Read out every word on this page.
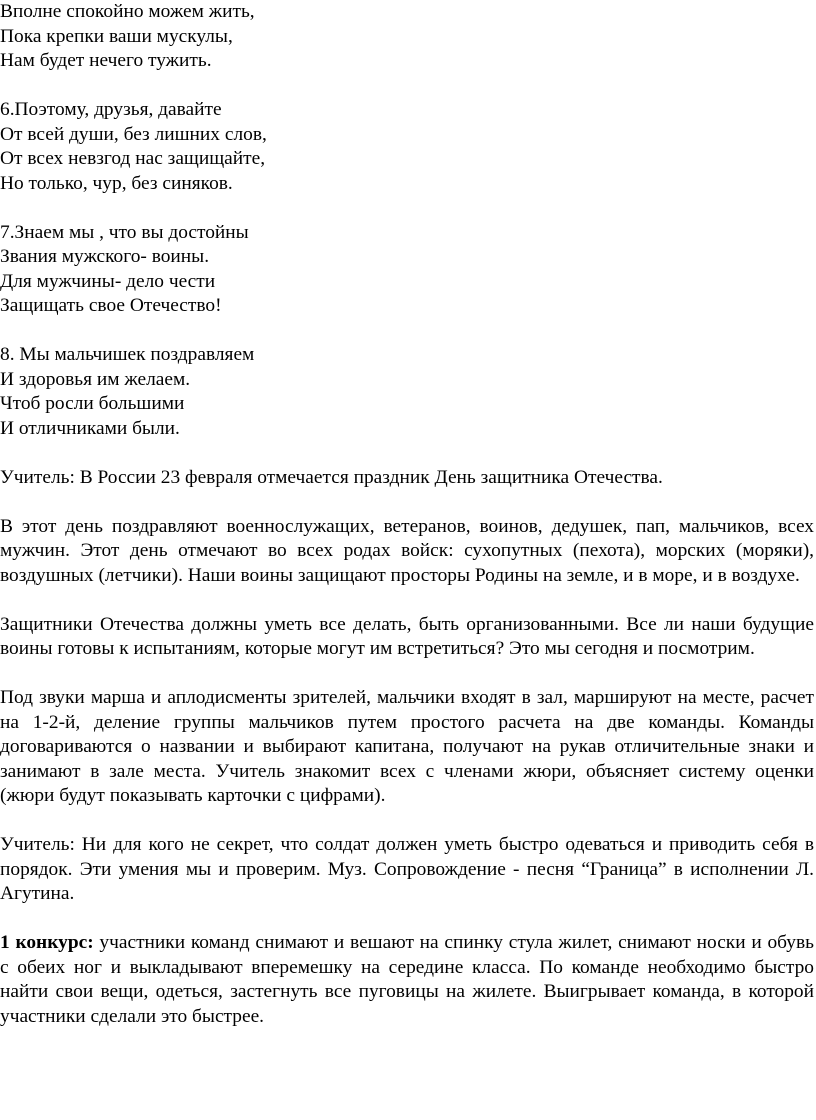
Вполне спокойно можем жить,
Пока крепки ваши мускулы,
Нам будет нечего тужить.
6.Поэтому, друзья, давайте
От всей души, без лишних слов,
От всех невзгод нас защищайте,
Но только, чур, без синяков.
7.Знаем мы , что вы достойны
Звания мужского- воины.
Для мужчины- дело чести
Защищать свое Отечество!
8. Мы мальчишек поздравляем
И здоровья им желаем.
Чтоб росли большими
И отличниками были.

Учитель: В России 23 февраля отмечается праздник День защитника Отечества.

В этот день поздравляют военнослужащих, ветеранов, воинов, дедушек, пап, мальчиков, всех мужчин. Этот день отмечают во всех родах войск: сухопутных (пехота), морских (моряки), воздушных (летчики). Наши воины защищают просторы Родины на земле, и в море, и в воздухе.

Защитники Отечества должны уметь все делать, быть организованными. Все ли наши будущие воины готовы к испытаниям, которые могут им встретиться? Это мы сегодня и посмотрим.

Под звуки марша и аплодисменты зрителей, мальчики входят в зал, маршируют на месте, расчет на 1-2-й, деление группы мальчиков путем простого расчета на две команды. Команды договариваются о названии и выбирают капитана, получают на рукав отличительные знаки и занимают в зале места. Учитель знакомит всех с членами жюри, объясняет систему оценки (жюри будут показывать карточки с цифрами).

Учитель: Ни для кого не секрет, что солдат должен уметь быстро одеваться и приводить себя в порядок. Эти умения мы и проверим. Муз. Сопровождение - песня “Граница” в исполнении Л. Агутина.

1 конкурс: участники команд снимают и вешают на спинку стула жилет, снимают носки и обувь с обеих ног и выкладывают вперемешку на середине класса. По команде необходимо быстро найти свои вещи, одеться, застегнуть все пуговицы на жилете. Выигрывает команда, в которой участники сделали это быстрее.
